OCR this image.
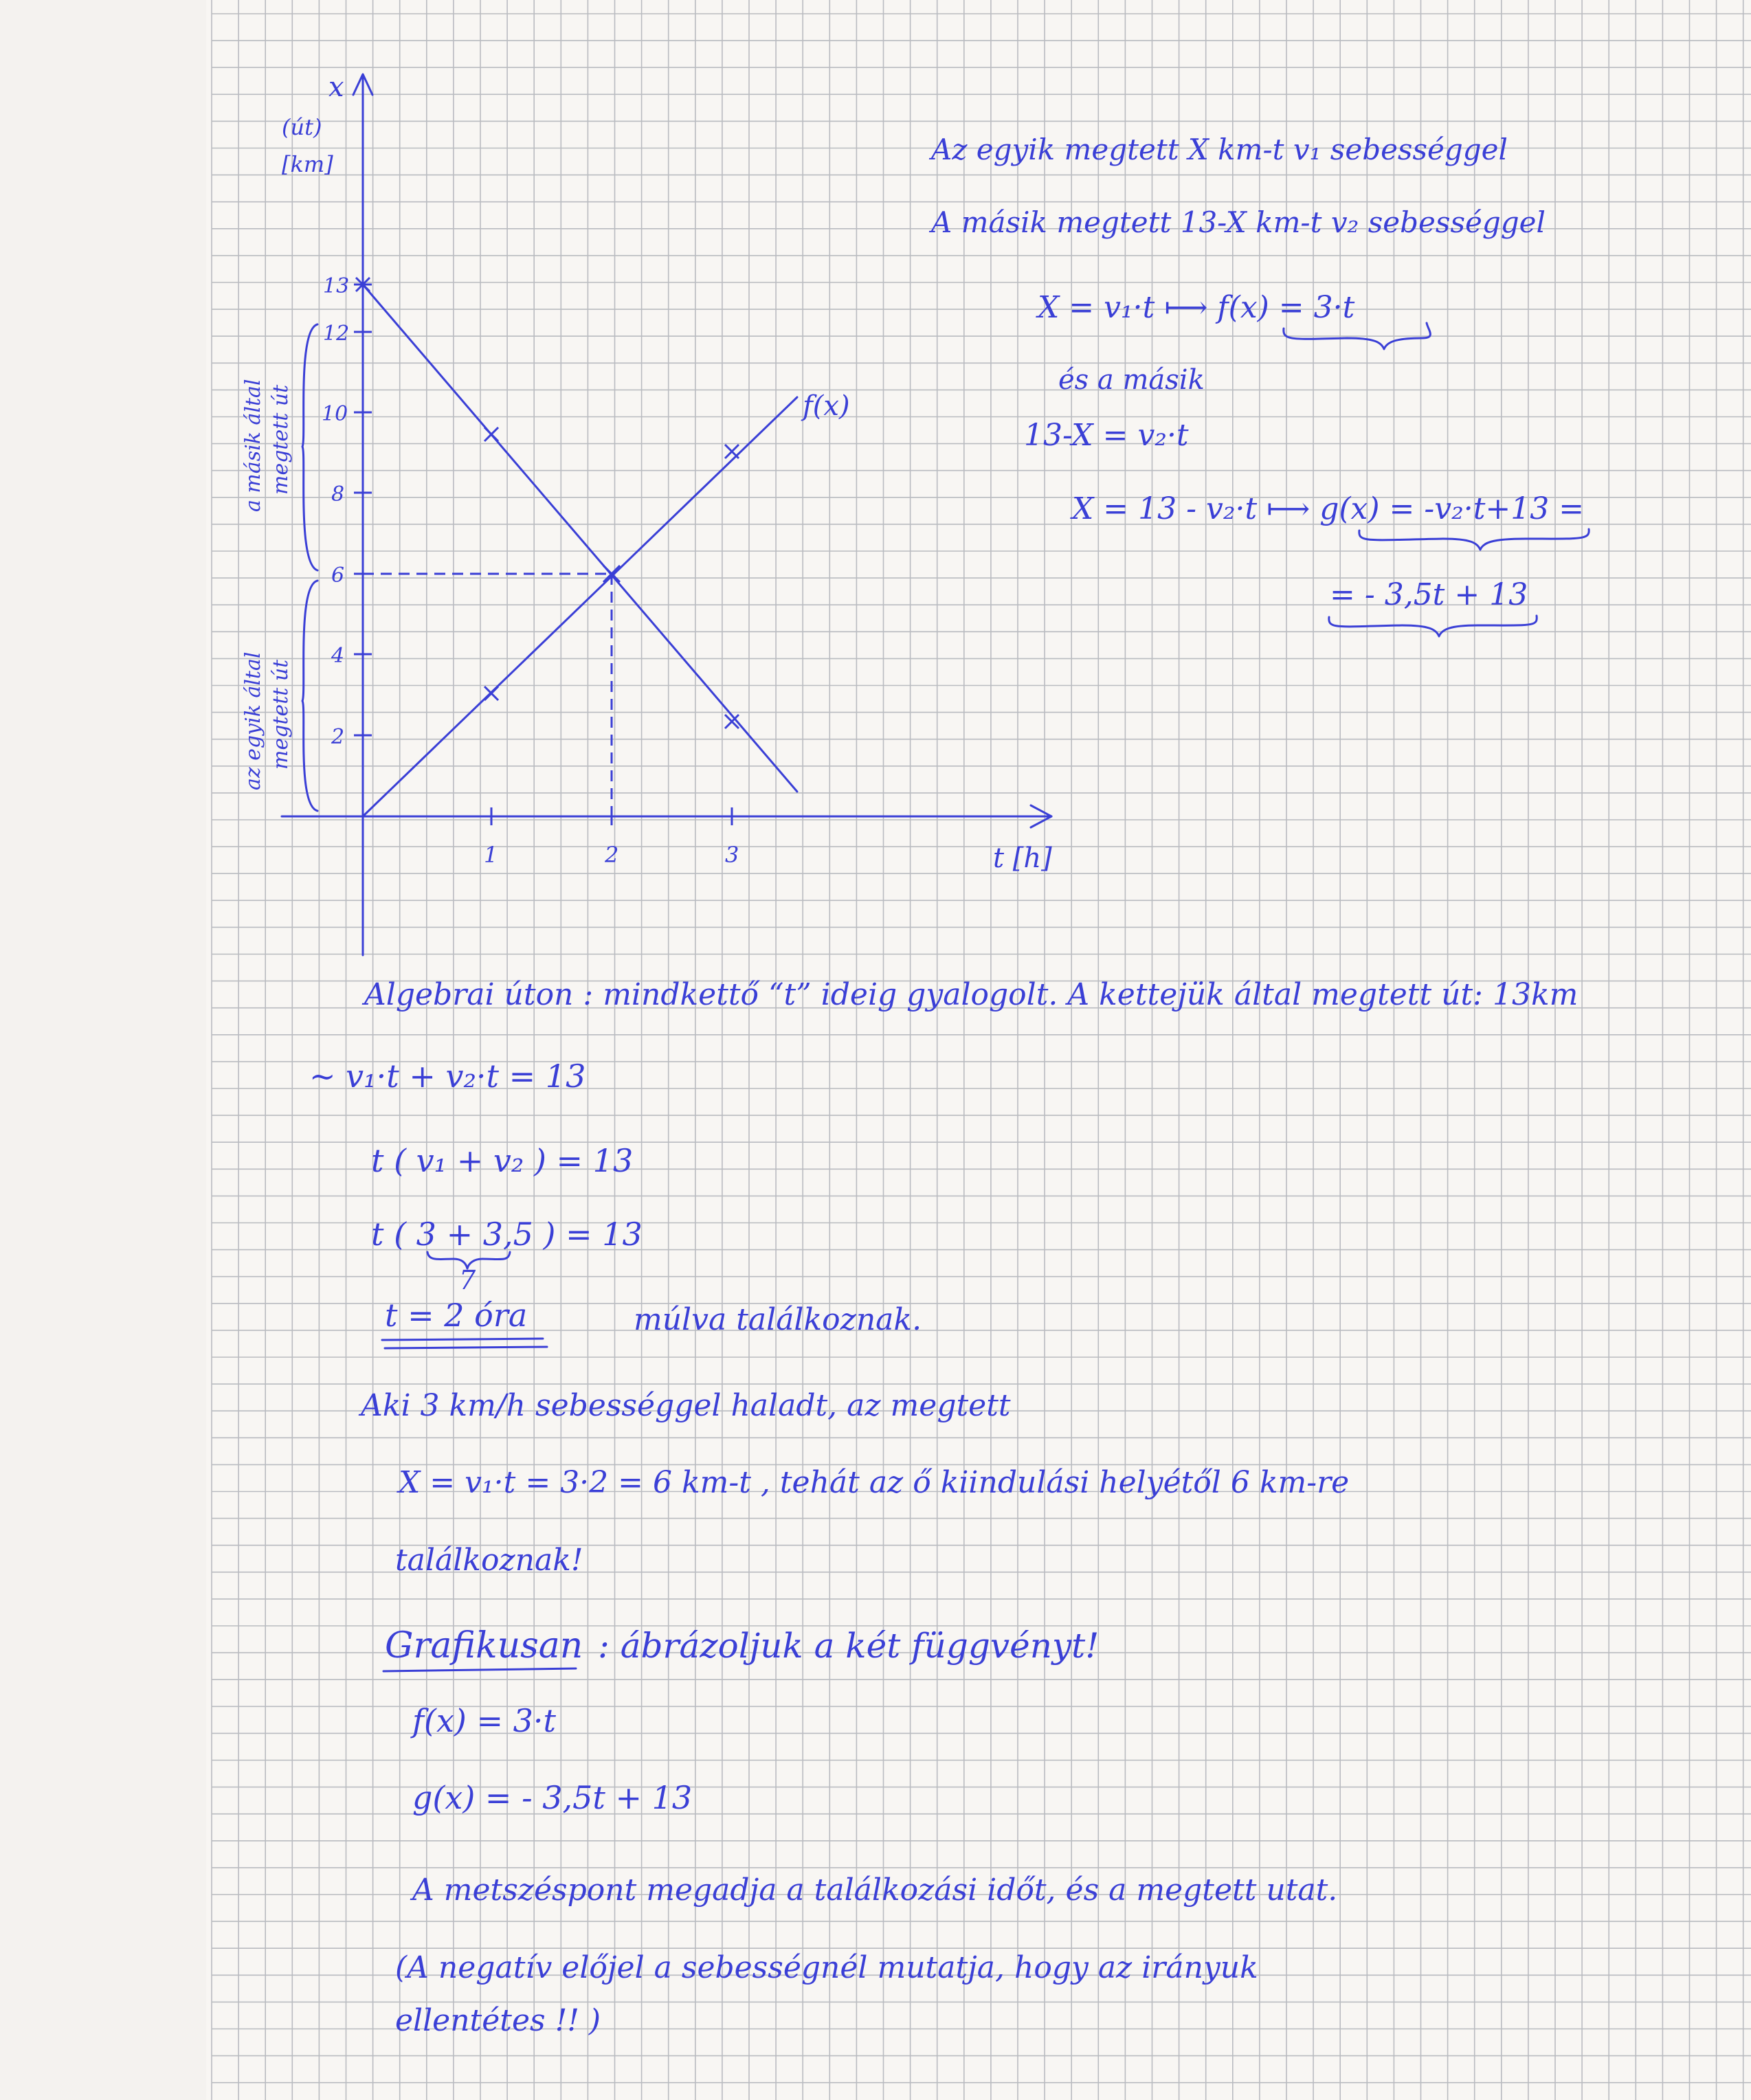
x
(út)
[km]
13
12
10
8
6
4
2
1	2	3	t [h]
f(x)
a másik által megtett út
az egyik által megtett út
Az egyik megtett X km-t v₁ sebességgel
A másik megtett 13-X km-t v₂ sebességgel
X = v₁·t ⟼ f(x) = 3·t
és a másik
13-X = v₂·t
X = 13 - v₂·t ⟼ g(x) = -v₂·t+13 =
= - 3,5t + 13
Algebrai úton : mindkettő “t” ideig gyalogolt. A kettejük által megtett út: 13km
~ v₁·t + v₂·t = 13
t ( v₁ + v₂ ) = 13
t ( 3 + 3,5 ) = 13
7
t = 2 óra	múlva találkoznak.
Aki 3 km/h sebességgel haladt, az megtett
X = v₁·t = 3·2 = 6 km-t , tehát az ő kiindulási helyétől 6 km-re
találkoznak!
Grafikusan : ábrázoljuk a két függvényt!
f(x) = 3·t
g(x) = - 3,5t + 13
A metszéspont megadja a találkozási időt, és a megtett utat.
(A negatív előjel a sebességnél mutatja, hogy az irányuk
ellentétes !! )
